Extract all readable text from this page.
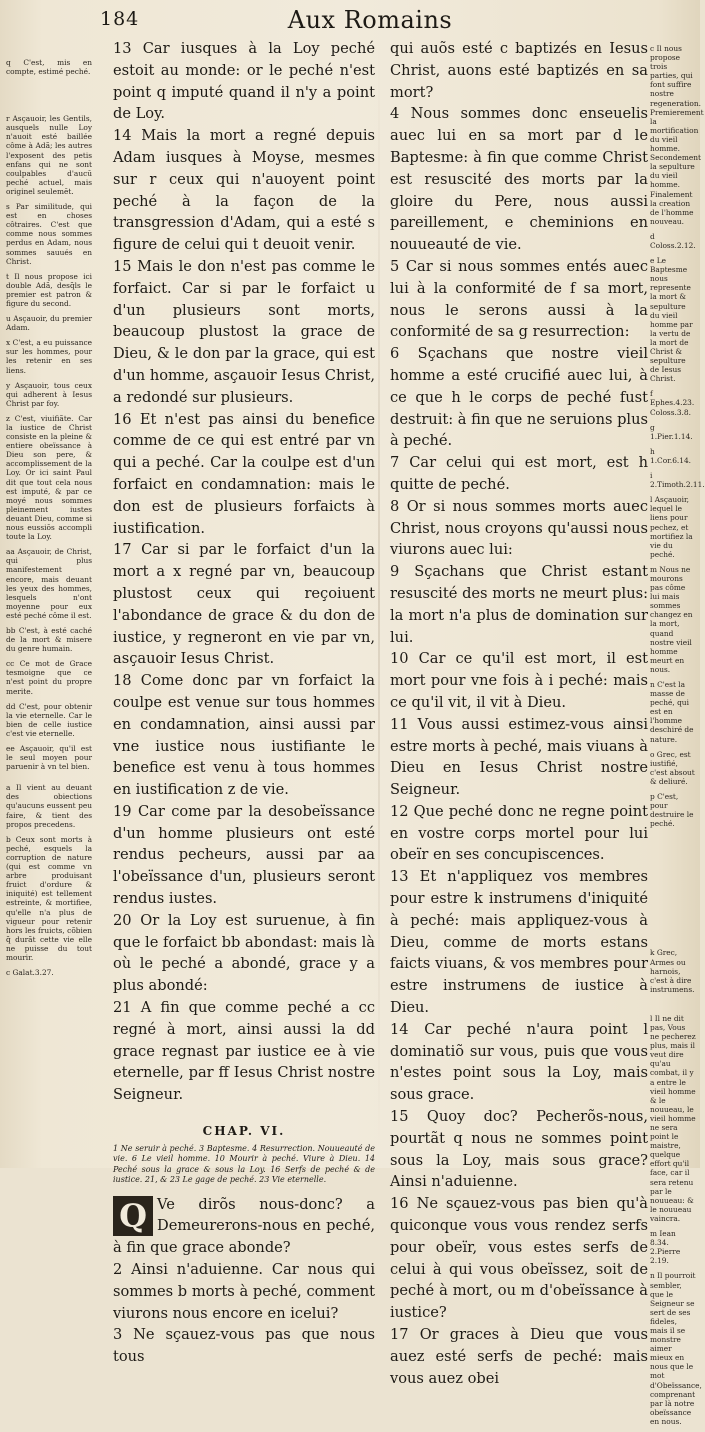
184	Aux Romains
q C'est, mis en compte, estimé peché.
r Asçauoir, les Gentils, ausquels nulle Loy n'auoit esté baillée côme à Adã; les autres l'exposent des petis enfans qui ne sont coulpables d'aucū peché actuel, mais originel seulemēt.
s Par similitude, qui est en choses côtraires. C'est que comme nous sommes perdus en Adam, nous sommes sauués en Christ.
t Il nous propose ici double Adã, desq̃ls le premier est patron & figure du second.
u Asçauoir, du premier Adam.
x C'est, a eu puissance sur les hommes, pour les retenir en ses liens.
y Asçauoir, tous ceux qui adherent à Iesus Christ par foy.
z C'est, viuifiãte. Car la iustice de Christ consiste en la pleine & entiere obeïssance à Dieu son pere, & accomplissement de la Loy. Or ici saint Paul dit que tout cela nous est imputé, & par ce moyé nous sommes pleinement iustes deuant Dieu, comme si nous eussiōs accompli toute la Loy.
aa Asçauoir, de Christ, qui plus manifestement encore, mais deuant les yeux des hommes, lesquels n'ont moyenne pour eux esté peché côme il est.
bb C'est, à esté caché de la mort & misere du genre humain.
cc Ce mot de Grace tesmoigne que ce n'est point du propre merite.
dd C'est, pour obtenir la vie eternelle. Car le bien de celle iustice c'est vie eternelle.
ee Asçauoir, qu'il est le seul moyen pour paruenir à vn tel bien.
a Il vient au deuant des obiections qu'aucuns eussent peu faire, & tient des propos precedens.
b Ceux sont morts à peché, esquels la corruption de nature (qui est comme vn arbre produisant fruict d'ordure & iniquité) est tellement estreinte, & mortifiee, qu'elle n'a plus de vigueur pour retenir hors les fruicts, cõbien q̃ durãt cette vie elle ne puisse du tout mourir.
c Galat.3.27.

13 Car iusques à la Loy peché estoit au monde: or le peché n'est point q imputé quand il n'y a point de Loy.

14 Mais la mort a regné depuis Adam iusques à Moyse, mesmes sur r ceux qui n'auoyent point peché à la façon de la transgression d'Adam, qui a esté s figure de celui qui t deuoit venir.

15 Mais le don n'est pas comme le forfaict. Car si par le forfaict u d'un plusieurs sont morts, beaucoup plustost la grace de Dieu, & le don par la grace, qui est d'un homme, asçauoir Iesus Christ, a redondé sur plusieurs.

16 Et n'est pas ainsi du benefice comme de ce qui est entré par vn qui a peché. Car la coulpe est d'un forfaict en condamnation: mais le don est de plusieurs forfaicts à iustification.

17 Car si par le forfaict d'un la mort a x regné par vn, beaucoup plustost ceux qui reçoiuent l'abondance de grace & du don de iustice, y regneront en vie par vn, asçauoir Iesus Christ.

18 Come donc par vn forfaict la coulpe est venue sur tous hommes en condamnation, ainsi aussi par vne iustice nous iustifiante le benefice est venu à tous hommes en iustification z de vie.

19 Car come par la desobeïssance d'un homme plusieurs ont esté rendus pecheurs, aussi par aa l'obeïssance d'un, plusieurs seront rendus iustes.

20 Or la Loy est suruenue, à fin que le forfaict bb abondast: mais là où le peché a abondé, grace y a plus abondé:

21 A fin que comme peché a cc regné à mort, ainsi aussi la dd grace regnast par iustice ee à vie eternelle, par ff Iesus Christ nostre Seigneur.

CHAP. VI.

1 Ne seruir à peché. 3 Baptesme. 4 Resurrection. Nouueauté de vie. 6 Le vieil homme. 10 Mourir à peché. Viure à Dieu. 14 Peché sous la grace & sous la Loy. 16 Serfs de peché & de iustice. 21, & 23 Le gage de peché. 23 Vie eternelle.

Q Ve dirõs nous-donc? a Demeurerons-nous en peché, à fin que grace abonde?

2 Ainsi n'aduienne. Car nous qui sommes b morts à peché, comment viurons nous encore en icelui?

3 Ne sçauez-vous pas que nous tous

qui auõs esté c baptizés en Iesus Christ, auons esté baptizés en sa mort?

4 Nous sommes donc enseuelis auec lui en sa mort par d le Baptesme: à fin que comme Christ est resuscité des morts par la gloire du Pere, nous aussi pareillement, e cheminions en nouueauté de vie.

5 Car si nous sommes entés auec lui à la conformité de f sa mort, nous le serons aussi à la conformité de sa g resurrection:

6 Sçachans que nostre vieil homme a esté crucifié auec lui, à ce que h le corps de peché fust destruit: à fin que ne seruions plus à peché.

7 Car celui qui est mort, est h quitte de peché.

8 Or si nous sommes morts auec Christ, nous croyons qu'aussi nous viurons auec lui:

9 Sçachans que Christ estant resuscité des morts ne meurt plus: la mort n'a plus de domination sur lui.

10 Car ce qu'il est mort, il est mort pour vne fois à i peché: mais ce qu'il vit, il vit à Dieu.

11 Vous aussi estimez-vous ainsi estre morts à peché, mais viuans à Dieu en Iesus Christ nostre Seigneur.

12 Que peché donc ne regne point en vostre corps mortel pour lui obeïr en ses concupiscences.

13 Et n'appliquez vos membres pour estre k instrumens d'iniquité à peché: mais appliquez-vous à Dieu, comme de morts estans faicts viuans, & vos membres pour estre instrumens de iustice à Dieu.

14 Car peché n'aura point l dominatiõ sur vous, puis que vous n'estes point sous la Loy, mais sous grace.

15 Quoy doc? Pecherõs-nous, pourtãt q nous ne sommes point sous la Loy, mais sous grace? Ainsi n'aduienne.

16 Ne sçauez-vous pas bien qu'à quiconque vous vous rendez serfs pour obeïr, vous estes serfs de celui à qui vous obeïssez, soit de peché à mort, ou m d'obeïssance à iustice?

17 Or graces à Dieu que vous auez esté serfs de peché: mais vous auez obei

c Il nous propose trois parties, qui font suffire nostre regeneration. Premierement la mortification du vieil homme. Secondement la sepulture du vieil homme. Finalement la creation de l'homme nouveau.
d Coloss.2.12.
e Le Baptesme nous represente la mort & sepulture du vieil homme par la vertu de la mort de Christ & sepulture de Iesus Christ.
f Ephes.4.23. Coloss.3.8.
g 1.Pier.1.14.
h 1.Cor.6.14.
i 2.Timoth.2.11.
l Asçauoir, lequel le liens pour pechez, et mortifiez la vie du peché.
m Nous ne mourons pas côme lui mais sommes changez en la mort, quand nostre vieil homme meurt en nous.
n C'est la masse de peché, qui est en l'homme deschiré de nature.
o Grec, est iustifié, c'est absout & deliuré.
p C'est, pour destruire le peché.
k Grec, Armes ou harnois, c'est à dire instrumens.
l Il ne dit pas, Vous ne pecherez plus, mais il veut dire qu'au combat, il y a entre le vieil homme & le nouueau, le vieil homme ne sera point le maistre, quelque effort qu'il face, car il sera retenu par le nouueau: & le nouueau vaincra.
m Iean 8.34. 2.Pierre 2.19.
n Il pourroit sembler, que le Seigneur se sert de ses fideles, mais il se monstre aimer mieux en nous que le mot d'Obeïssance, comprenant par là notre obeïssance en nous.
